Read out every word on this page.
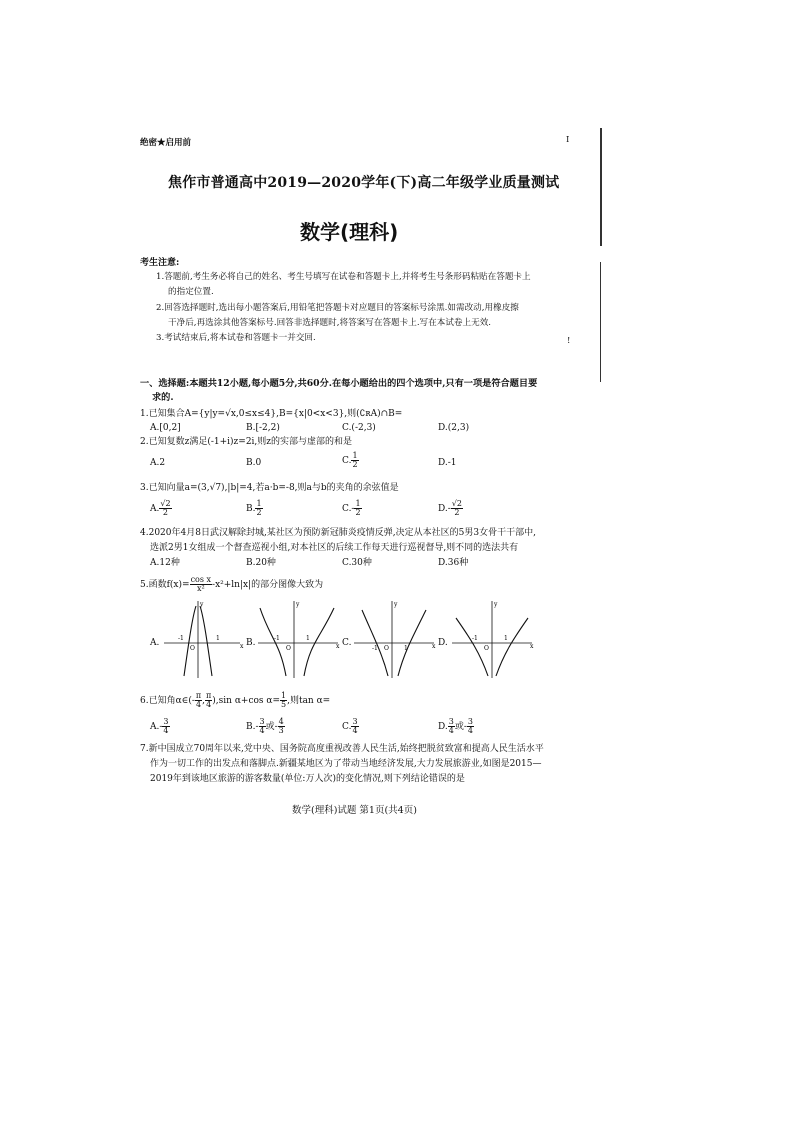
绝密★启用前	I
焦作市普通高中2019—2020学年(下)高二年级学业质量测试
数学(理科)
考生注意:
1.答题前,考生务必将自己的姓名、考生号填写在试卷和答题卡上,并将考生号条形码粘贴在答题卡上
的指定位置.
2.回答选择题时,选出每小题答案后,用铅笔把答题卡对应题目的答案标号涂黑.如需改动,用橡皮擦
干净后,再选涂其他答案标号.回答非选择题时,将答案写在答题卡上.写在本试卷上无效.
3.考试结束后,将本试卷和答题卡一并交回.	!
一、选择题:本题共12小题,每小题5分,共60分.在每小题给出的四个选项中,只有一项是符合题目要
求的.
1.已知集合A={y|y=√x,0≤x≤4},B={x|0<x<3},则(∁ʀA)∩B=
A.[0,2]	B.[-2,2)	C.(-2,3)	D.(2,3)
2.已知复数z满足(-1+i)z=2i,则z的实部与虚部的和是
A.2	B.0	C. $\frac{1}{2}$	D.-1
3.已知向量a=(3,√7),|b|=4,若a·b=-8,则a与b的夹角的余弦值是
A. $\frac{√2}{2}$	B. $\frac{1}{2}$	$C.- \frac{1}{2}$	$D.- \frac{√2}{2}$
4.2020年4月8日武汉解除封城,某社区为预防新冠肺炎疫情反弹,决定从本社区的5男3女骨干干部中,
选派2男1女组成一个督查巡视小组,对本社区的后续工作每天进行巡视督导,则不同的选法共有
A.12种	B.20种	C.30种	D.36种
5.函数$f(x)= \frac{\text{cos x}}{\text{x²}} -x^2+\ln|x|$的部分图像大致为
A.	B.	C.	D.
y
x
O
-1	1
y
x
O
-1	1
y
x
O
-1	1
y
x
O
-1	1
6.已知角α∈(- $\frac{\pi}{4}$ , $\frac{\pi}{4} ),\sin$ α+cos $\alpha= \frac{1}{5}$ ,则tan α=
$A.- \frac{3}{4}$	$B.- \frac{3}{4}$ 或- $\frac{4}{3}$	C. $\frac{3}{4}$	D. $\frac{3}{4}$ 或- $\frac{3}{4}$
7.新中国成立70周年以来,党中央、国务院高度重视改善人民生活,始终把脱贫致富和提高人民生活水平
作为一切工作的出发点和落脚点.新疆某地区为了带动当地经济发展,大力发展旅游业,如图是2015—
2019年到该地区旅游的游客数量(单位:万人次)的变化情况,则下列结论错误的是
数学(理科)试题 第1页(共4页)
